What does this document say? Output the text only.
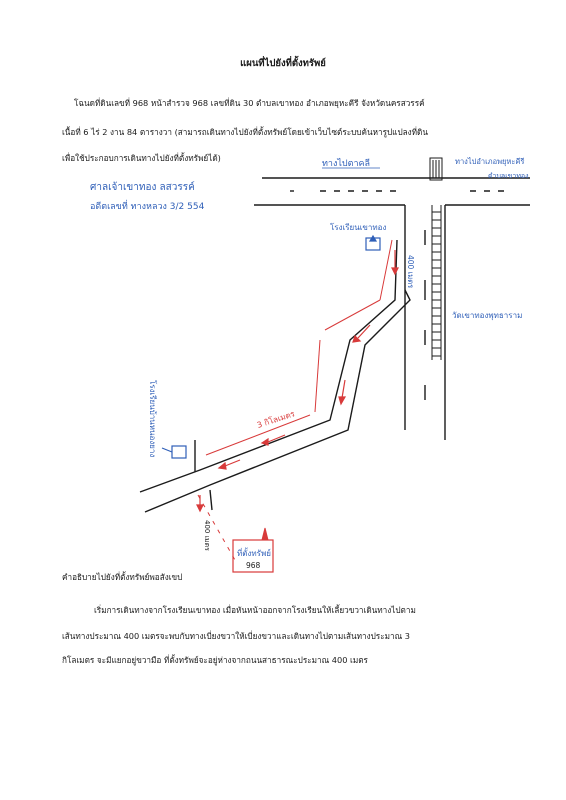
แผนที่ไปยังที่ตั้งทรัพย์
โฉนดที่ดินเลขที่ 968 หน้าสำรวจ 968 เลขที่ดิน 30 ตำบลเขาทอง อำเภอพยุหะคีรี จังหวัดนครสวรรค์
เนื้อที่ 6 ไร่ 2 งาน 84 ตารางวา (สามารถเดินทางไปยังที่ตั้งทรัพย์โดยเข้าเว็บไซต์ระบบค้นหารูปแปลงที่ดิน
เพื่อใช้ประกอบการเดินทางไปยังที่ตั้งทรัพย์ได้)
ทางไปตาคลี	ทางไปอำเภอพยุหะคีรี
ตำบลเขาทอง
ศาลเจ้าเขาทอง ลสวรรค์
อดีตเลขที่ ทางหลวง 3/2 554
โรงเรียนเขาทอง
400 เมตร
วัดเขาทองพุทธาราม
3 กิโลเมตร
โรงเรียนบ้านหนองยาง
400 เมตร
ที่ตั้งทรัพย์
968
คำอธิบายไปยังที่ตั้งทรัพย์พอสังเขป
เริ่มการเดินทางจากโรงเรียนเขาทอง เมื่อหันหน้าออกจากโรงเรียนให้เลี้ยวขวาเดินทางไปตาม
เส้นทางประมาณ 400 เมตรจะพบกับทางเบี่ยงขวาให้เบี่ยงขวาและเดินทางไปตามเส้นทางประมาณ 3
กิโลเมตร จะมีแยกอยู่ขวามือ ที่ตั้งทรัพย์จะอยู่ห่างจากถนนสาธารณะประมาณ 400 เมตร
